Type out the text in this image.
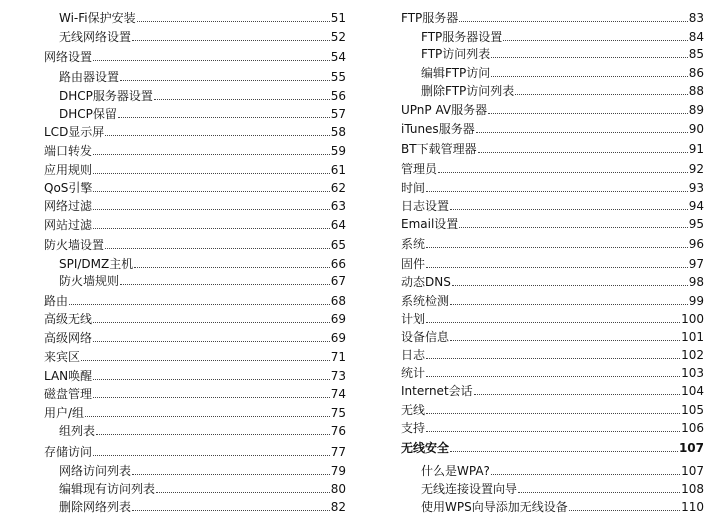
Wi-Fi保护安装	51
无线网络设置	52
网络设置	54
路由器设置	55
DHCP服务器设置	56
DHCP保留	57
LCD显示屏	58
端口转发	59
应用规则	61
QoS引擎	62
网络过滤	63
网站过滤	64
防火墙设置	65
SPI/DMZ主机	66
防火墙规则	67
路由	68
高级无线	69
高级网络	69
来宾区	71
LAN唤醒	73
磁盘管理	74
用户/组	75
组列表	76
存储访问	77
网络访问列表	79
编辑现有访问列表	80
删除网络列表	82
FTP服务器	83
FTP服务器设置	84
FTP访问列表	85
编辑FTP访问	86
删除FTP访问列表	88
UPnP AV服务器	89
iTunes服务器	90
BT下载管理器	91
管理员	92
时间	93
日志设置	94
Email设置	95
系统	96
固件	97
动态DNS	98
系统检测	99
计划	100
设备信息	101
日志	102
统计	103
Internet会话	104
无线	105
支持	106
无线安全	107
什么是WPA?	107
无线连接设置向导	108
使用WPS向导添加无线设备	110
